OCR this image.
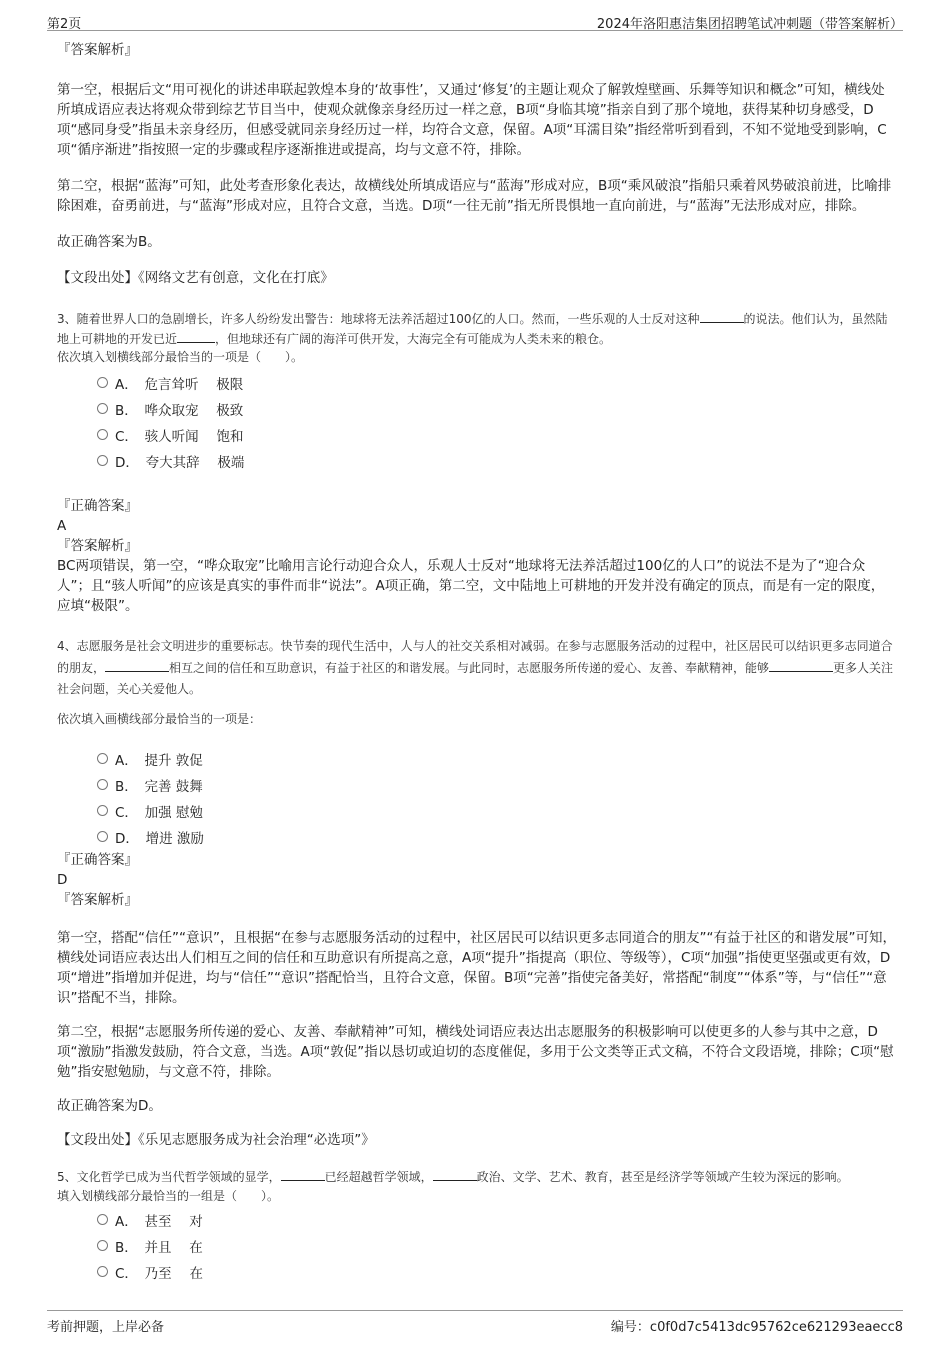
第2页	2024年洛阳惠洁集团招聘笔试冲刺题（带答案解析）

『答案解析』

第一空，根据后文“用可视化的讲述串联起敦煌本身的‘故事性’，又通过‘修复’的主题让观众了解敦煌壁画、乐舞等知识和概念”可知，横线处所填成语应表达将观众带到综艺节目当中，使观众就像亲身经历过一样之意，B项“身临其境”指亲自到了那个境地，获得某种切身感受，D项“感同身受”指虽未亲身经历，但感受就同亲身经历过一样，均符合文意，保留。A项“耳濡目染”指经常听到看到，不知不觉地受到影响，C项“循序渐进”指按照一定的步骤或程序逐渐推进或提高，均与文意不符，排除。

第二空，根据“蓝海”可知，此处考查形象化表达，故横线处所填成语应与“蓝海”形成对应，B项“乘风破浪”指船只乘着风势破浪前进，比喻排除困难，奋勇前进，与“蓝海”形成对应，且符合文意，当选。D项“一往无前”指无所畏惧地一直向前进，与“蓝海”无法形成对应，排除。

故正确答案为B。

【文段出处】《网络文艺有创意，文化在打底》

3、随着世界人口的急剧增长，许多人纷纷发出警告：地球将无法养活超过100亿的人口。然而，一些乐观的人士反对这种	的说法。他们认为，虽然陆地上可耕地的开发已近	，但地球还有广阔的海洋可供开发，大海完全有可能成为人类未来的粮仓。

依次填入划横线部分最恰当的一项是（　　）。

A．　危言耸听　 极限
B．　哗众取宠　 极致
C．　骇人听闻　 饱和
D．　夸大其辞　 极端

『正确答案』

A

『答案解析』

BC两项错误，第一空，“哗众取宠”比喻用言论行动迎合众人，乐观人士反对“地球将无法养活超过100亿的人口”的说法不是为了“迎合众人”；且“骇人听闻”的应该是真实的事件而非“说法”。A项正确，第二空，文中陆地上可耕地的开发并没有确定的顶点，而是有一定的限度，应填“极限”。

4、志愿服务是社会文明进步的重要标志。快节奏的现代生活中，人与人的社交关系相对减弱。在参与志愿服务活动的过程中，社区居民可以结识更多志同道合的朋友，	相互之间的信任和互助意识，有益于社区的和谐发展。与此同时，志愿服务所传递的爱心、友善、奉献精神，能够	更多人关注社会问题，关心关爱他人。

依次填入画横线部分最恰当的一项是：

A．　提升 敦促
B．　完善 鼓舞
C．　加强 慰勉
D．　增进 激励

『正确答案』

D

『答案解析』

第一空，搭配“信任”“意识”，且根据“在参与志愿服务活动的过程中，社区居民可以结识更多志同道合的朋友”“有益于社区的和谐发展”可知，横线处词语应表达出人们相互之间的信任和互助意识有所提高之意，A项“提升”指提高（职位、等级等），C项“加强”指使更坚强或更有效，D项“增进”指增加并促进，均与“信任”“意识”搭配恰当，且符合文意，保留。B项“完善”指使完备美好，常搭配“制度”“体系”等，与“信任”“意识”搭配不当，排除。

第二空，根据“志愿服务所传递的爱心、友善、奉献精神”可知，横线处词语应表达出志愿服务的积极影响可以使更多的人参与其中之意，D项“激励”指激发鼓励，符合文意，当选。A项“敦促”指以恳切或迫切的态度催促，多用于公文类等正式文稿，不符合文段语境，排除；C项“慰勉”指安慰勉励，与文意不符，排除。

故正确答案为D。

【文段出处】《乐见志愿服务成为社会治理“必选项”》

5、文化哲学已成为当代哲学领域的显学，	已经超越哲学领域，	政治、文学、艺术、教育，甚至是经济学等领域产生较为深远的影响。

填入划横线部分最恰当的一组是（　　）。

A．　甚至　 对
B．　并且　 在
C．　乃至　 在
考前押题，上岸必备	编号：c0f0d7c5413dc95762ce621293eaecc8
